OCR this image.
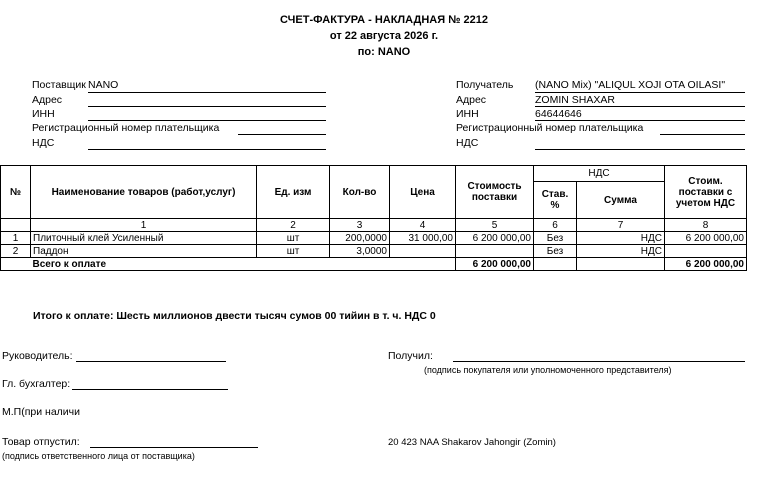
СЧЕТ-ФАКТУРА - НАКЛАДНАЯ № 2212
от 22 августа 2026 г.
по: NANO
Поставщик NANO
Адрес
ИНН
Регистрационный номер плательщика
НДС
Получатель (NANO Mix) "ALIQUL XOJI OTA OILASI"
Адрес	ZOMIN SHAXAR
ИНН	64644646
Регистрационный номер плательщика
НДС
№	Наименование товаров (работ,услуг)	Ед. изм	Кол-во	Цена	Стоимость поставки	НДС		Стоим. поставки с учетом НДС
						Став. %	Сумма	
	1	2	3	4	5	6	7	8
1	Плиточный клей Усиленный	шт	200,0000	31 000,00	6 200 000,00	Без	НДС	6 200 000,00
2	Паддон	шт	3,0000			Без	НДС	
	Всего к оплате				6 200 000,00			6 200 000,00
Итого к оплате: Шесть миллионов двести тысяч сумов 00 тийин в т. ч. НДС 0
Руководитель:
Гл. бухгалтер:
М.П(при наличи
Товар отпустил:
(подпись ответственного лица от поставщика)
Получил:
(подпись покупателя или уполномоченного представителя)
20 423 NAA Shakarov Jahongir (Zomin)
